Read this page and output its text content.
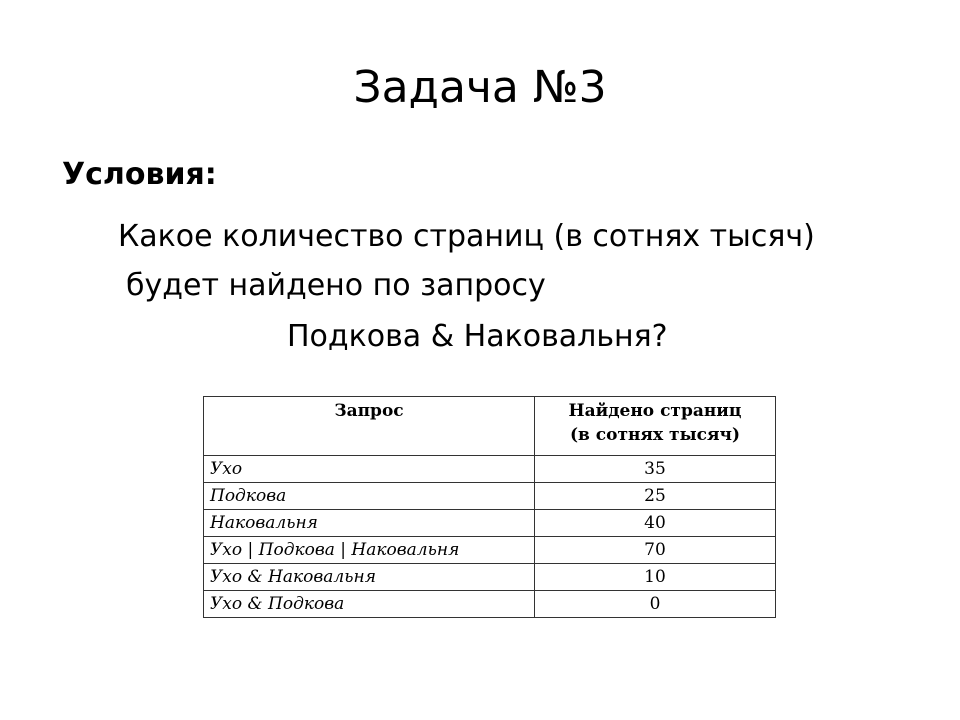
Задача №3
Условия:
Какое количество страниц (в сотнях тысяч)
будет найдено по запросу
Подкова & Наковальня?
Запрос	Найдено страниц
(в сотнях тысяч)
Ухо	35
Подкова	25
Наковальня	40
Ухо | Подкова | Наковальня	70
Ухо & Наковальня	10
Ухо & Подкова	0
